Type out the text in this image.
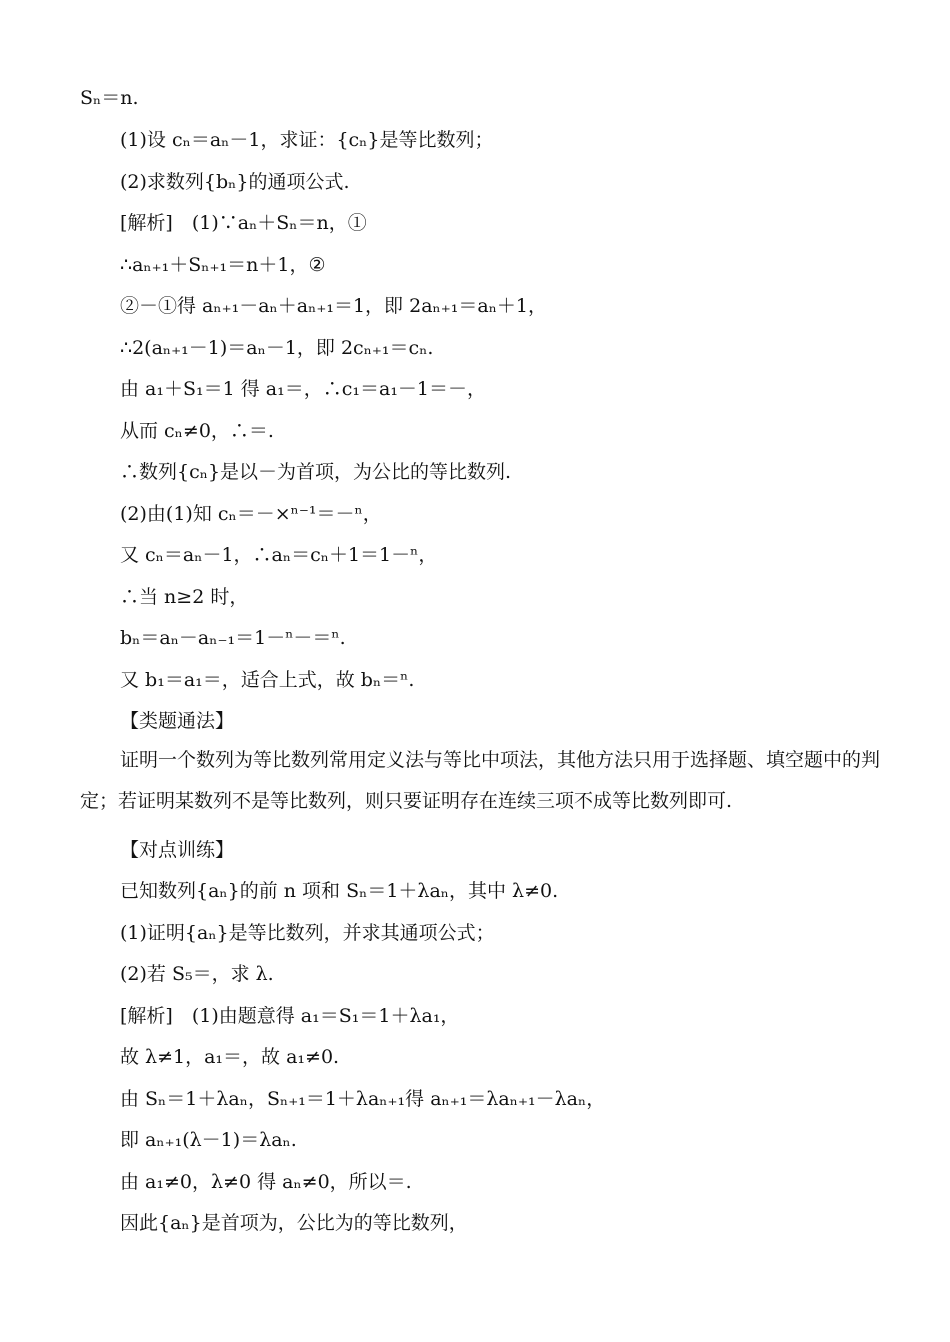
Sₙ＝n.
(1)设 cₙ＝aₙ－1，求证：{cₙ}是等比数列；
(2)求数列{bₙ}的通项公式.
[解析]　(1)∵aₙ＋Sₙ＝n，①
∴aₙ₊₁＋Sₙ₊₁＝n＋1，②
②－①得 aₙ₊₁－aₙ＋aₙ₊₁＝1，即 2aₙ₊₁＝aₙ＋1，
∴2(aₙ₊₁－1)＝aₙ－1，即 2cₙ₊₁＝cₙ.
由 a₁＋S₁＝1 得 a₁＝，∴c₁＝a₁－1＝－，
从而 cₙ≠0，∴＝.
∴数列{cₙ}是以－为首项，为公比的等比数列.
(2)由(1)知 cₙ＝－×ⁿ⁻¹＝－ⁿ，
又 cₙ＝aₙ－1，∴aₙ＝cₙ＋1＝1－ⁿ，
∴当 n≥2 时，
bₙ＝aₙ－aₙ₋₁＝1－ⁿ－＝ⁿ.
又 b₁＝a₁＝，适合上式，故 bₙ＝ⁿ.
【类题通法】
证明一个数列为等比数列常用定义法与等比中项法，其他方法只用于选择题、填空题中的判定；若证明某数列不是等比数列，则只要证明存在连续三项不成等比数列即可.
【对点训练】
已知数列{aₙ}的前 n 项和 Sₙ＝1＋λaₙ，其中 λ≠0.
(1)证明{aₙ}是等比数列，并求其通项公式；
(2)若 S₅＝，求 λ.
[解析]　(1)由题意得 a₁＝S₁＝1＋λa₁，
故 λ≠1，a₁＝，故 a₁≠0.
由 Sₙ＝1＋λaₙ，Sₙ₊₁＝1＋λaₙ₊₁得 aₙ₊₁＝λaₙ₊₁－λaₙ，
即 aₙ₊₁(λ－1)＝λaₙ.
由 a₁≠0，λ≠0 得 aₙ≠0，所以＝.
因此{aₙ}是首项为，公比为的等比数列，
